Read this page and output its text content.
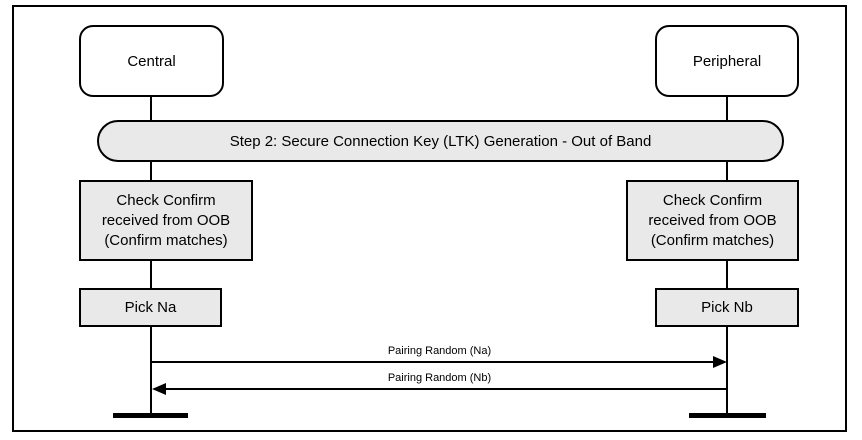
Central	Peripheral
Step 2: Secure Connection Key (LTK) Generation - Out of Band
Check Confirm
received from OOB
(Confirm matches)
Check Confirm
received from OOB
(Confirm matches)
Pick Na	Pick Nb
Pairing Random (Na)
Pairing Random (Nb)
